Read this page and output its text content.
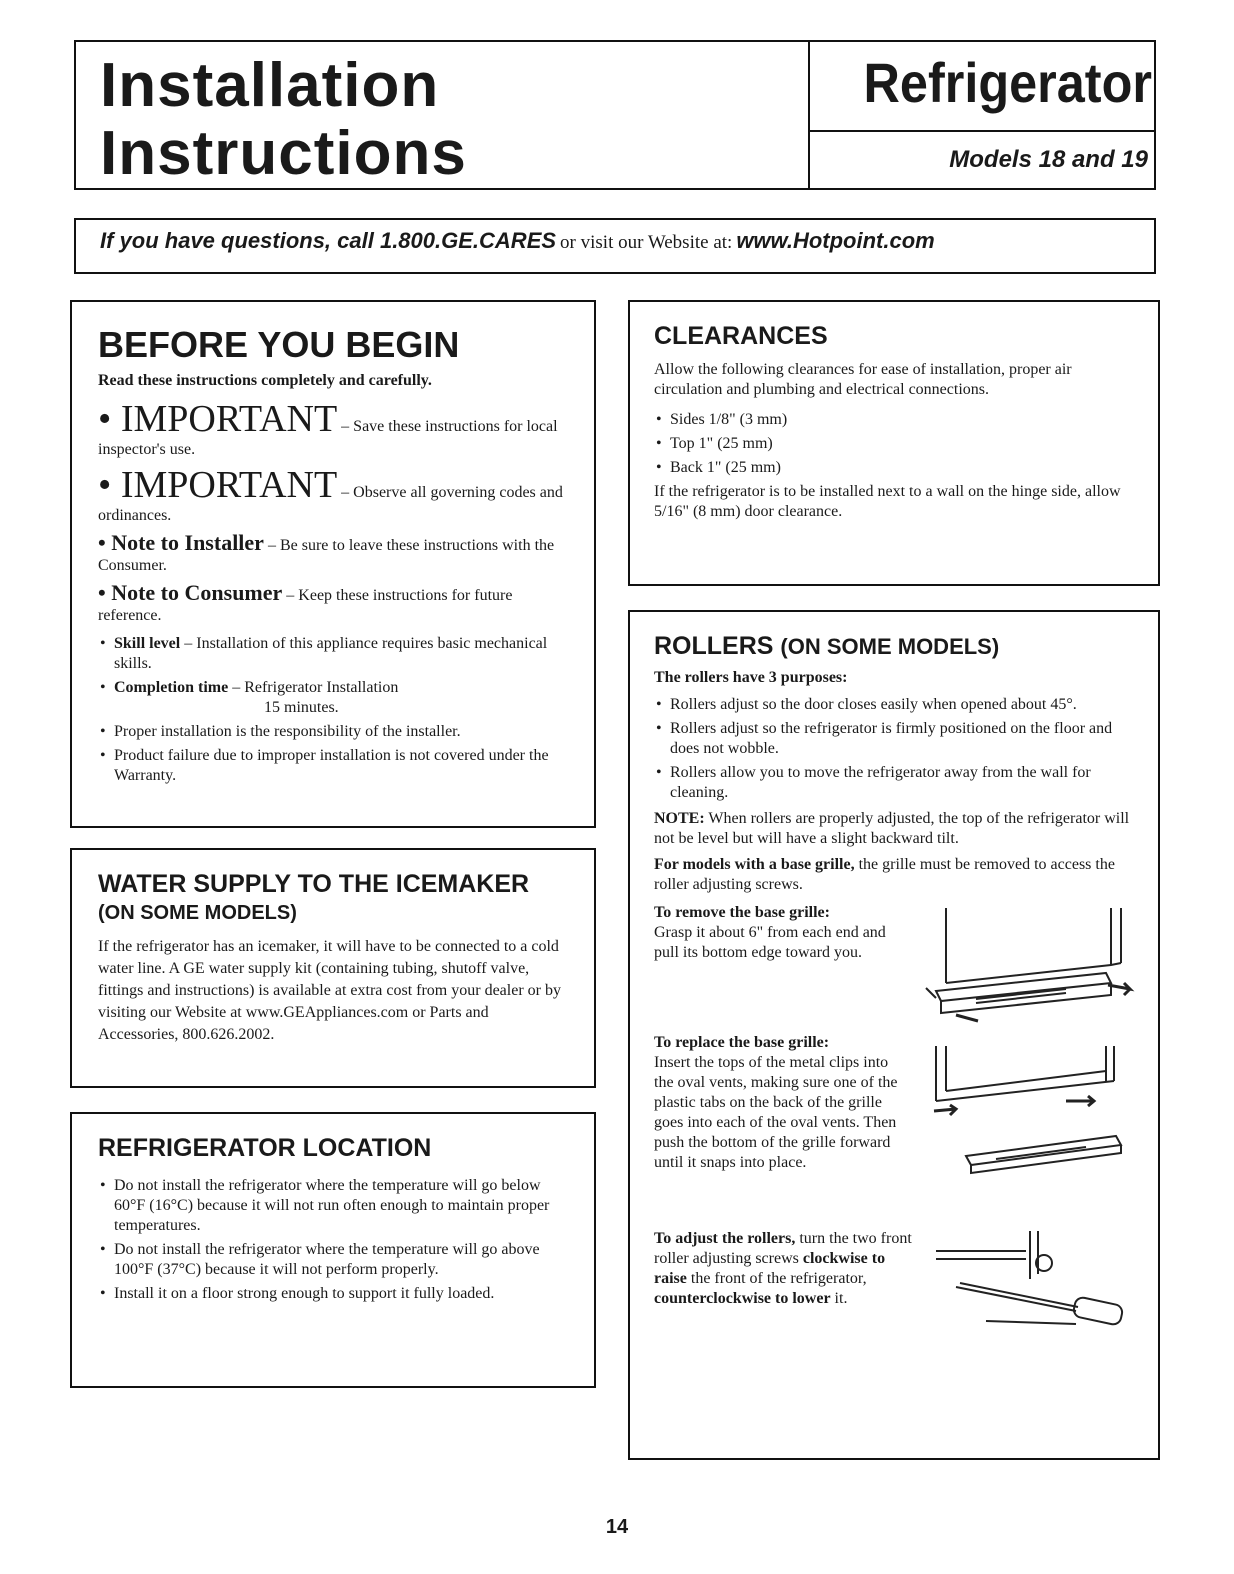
Installation
Instructions
Refrigerator
Models 18 and 19
If you have questions, call 1.800.GE.CARES or visit our Website at: www.Hotpoint.com
BEFORE YOU BEGIN
Read these instructions completely and carefully.
• IMPORTANT – Save these instructions for local inspector's use.
• IMPORTANT – Observe all governing codes and ordinances.
• Note to Installer – Be sure to leave these instructions with the Consumer.
• Note to Consumer – Keep these instructions for future reference.
• Skill level – Installation of this appliance requires basic mechanical skills.
• Completion time – Refrigerator Installation
15 minutes.
• Proper installation is the responsibility of the installer.
• Product failure due to improper installation is not covered under the Warranty.
WATER SUPPLY TO THE ICEMAKER
(ON SOME MODELS)
If the refrigerator has an icemaker, it will have to be connected to a cold water line. A GE water supply kit (containing tubing, shutoff valve, fittings and instructions) is available at extra cost from your dealer or by visiting our Website at www.GEAppliances.com or Parts and Accessories, 800.626.2002.
REFRIGERATOR LOCATION
• Do not install the refrigerator where the temperature will go below 60°F (16°C) because it will not run often enough to maintain proper temperatures.
• Do not install the refrigerator where the temperature will go above 100°F (37°C) because it will not perform properly.
• Install it on a floor strong enough to support it fully loaded.
CLEARANCES
Allow the following clearances for ease of installation, proper air circulation and plumbing and electrical connections.
• Sides 1/8" (3 mm)
• Top 1" (25 mm)
• Back 1" (25 mm)
If the refrigerator is to be installed next to a wall on the hinge side, allow 5/16" (8 mm) door clearance.
ROLLERS (ON SOME MODELS)
The rollers have 3 purposes:
• Rollers adjust so the door closes easily when opened about 45°.
• Rollers adjust so the refrigerator is firmly positioned on the floor and does not wobble.
• Rollers allow you to move the refrigerator away from the wall for cleaning.
NOTE: When rollers are properly adjusted, the top of the refrigerator will not be level but will have a slight backward tilt.
For models with a base grille, the grille must be removed to access the roller adjusting screws.
To remove the base grille:
Grasp it about 6" from each end and pull its bottom edge toward you.
To replace the base grille:
Insert the tops of the metal clips into the oval vents, making sure one of the plastic tabs on the back of the grille goes into each of the oval vents. Then push the bottom of the grille forward until it snaps into place.
To adjust the rollers, turn the two front roller adjusting screws clockwise to raise the front of the refrigerator, counterclockwise to lower it.
14
